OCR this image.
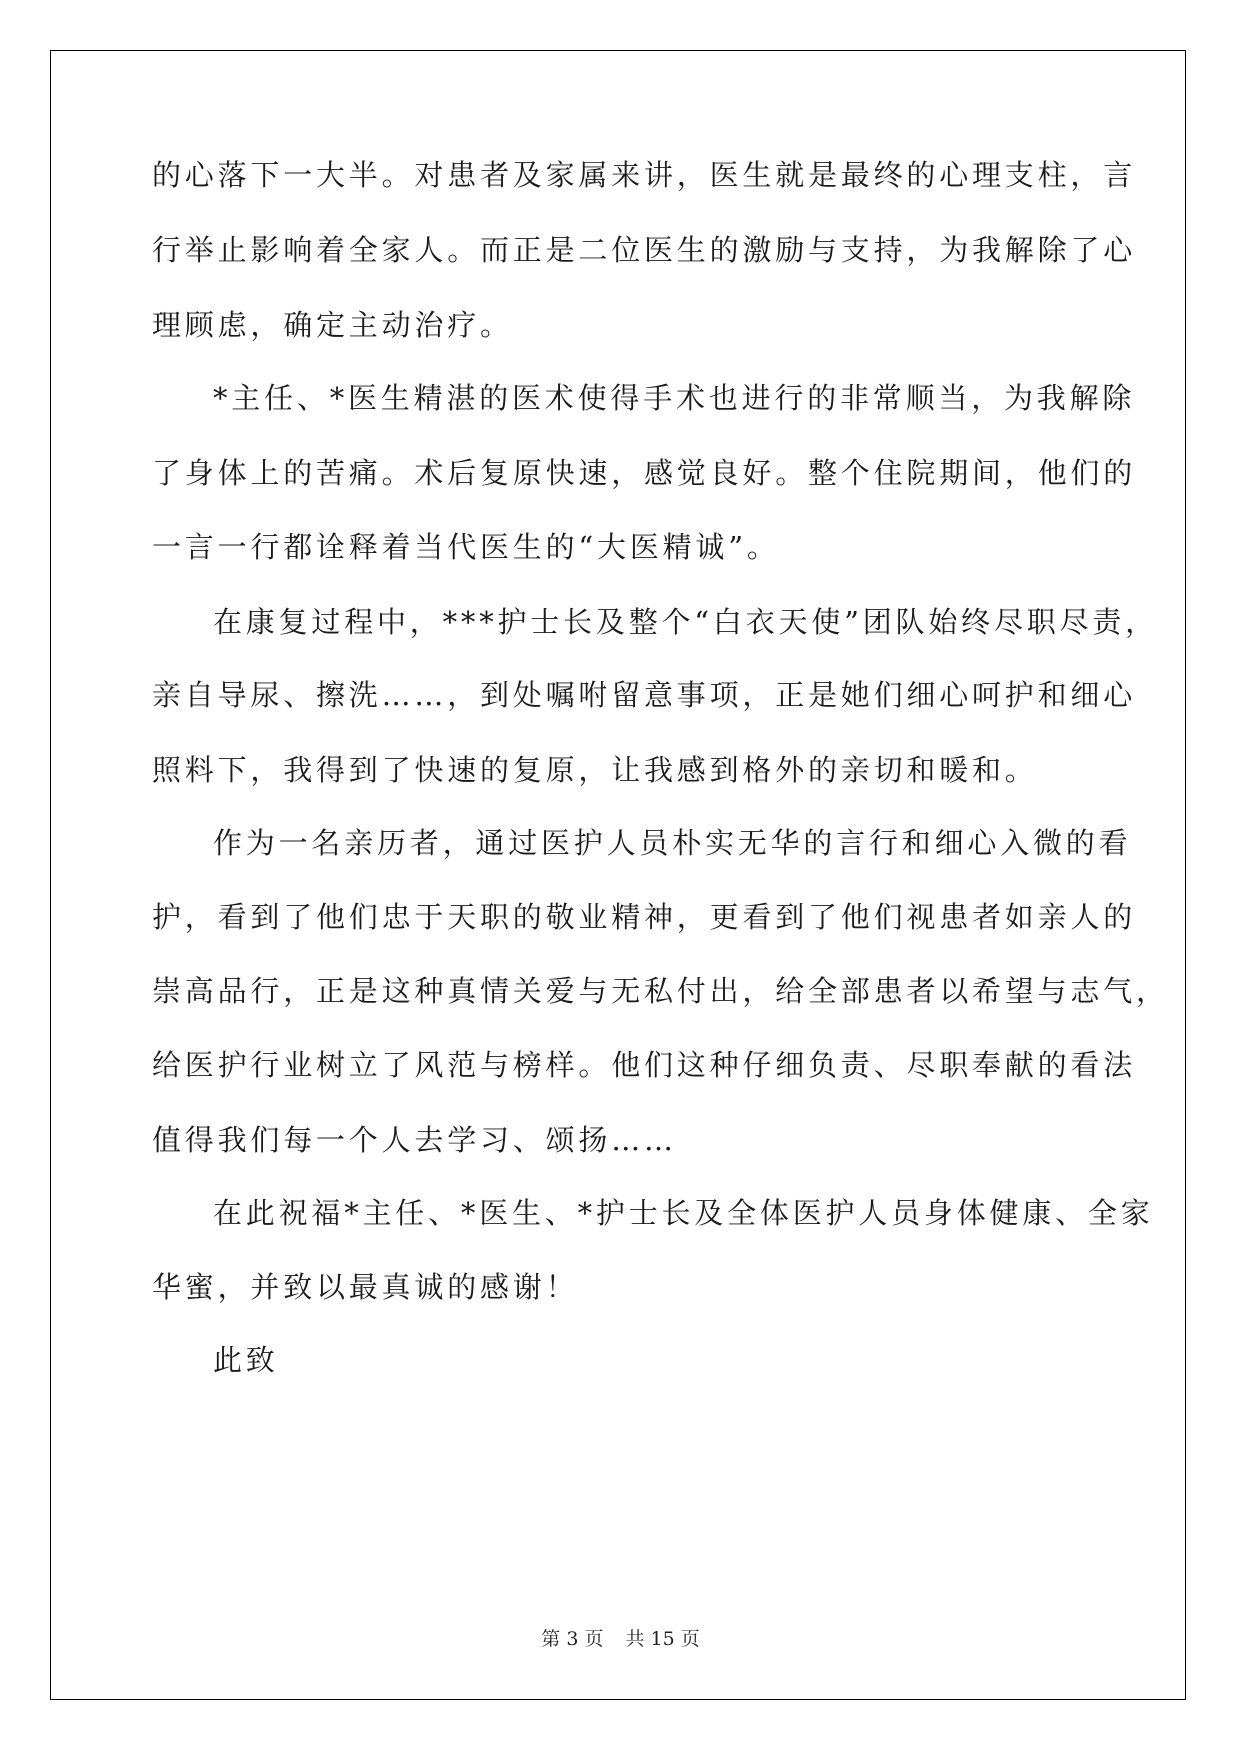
的心落下一大半。对患者及家属来讲，医生就是最终的心理支柱，言
行举止影响着全家人。而正是二位医生的激励与支持，为我解除了心
理顾虑，确定主动治疗。
*主任、*医生精湛的医术使得手术也进行的非常顺当，为我解除
了身体上的苦痛。术后复原快速，感觉良好。整个住院期间，他们的
一言一行都诠释着当代医生的“大医精诚”。
在康复过程中，***护士长及整个“白衣天使”团队始终尽职尽责，
亲自导尿、擦洗……，到处嘱咐留意事项，正是她们细心呵护和细心
照料下，我得到了快速的复原，让我感到格外的亲切和暖和。
作为一名亲历者，通过医护人员朴实无华的言行和细心入微的看
护，看到了他们忠于天职的敬业精神，更看到了他们视患者如亲人的
崇高品行，正是这种真情关爱与无私付出，给全部患者以希望与志气，
给医护行业树立了风范与榜样。他们这种仔细负责、尽职奉献的看法
值得我们每一个人去学习、颂扬……
在此祝福*主任、*医生、*护士长及全体医护人员身体健康、全家
华蜜，并致以最真诚的感谢！
此致
第 3 页 共 15 页
